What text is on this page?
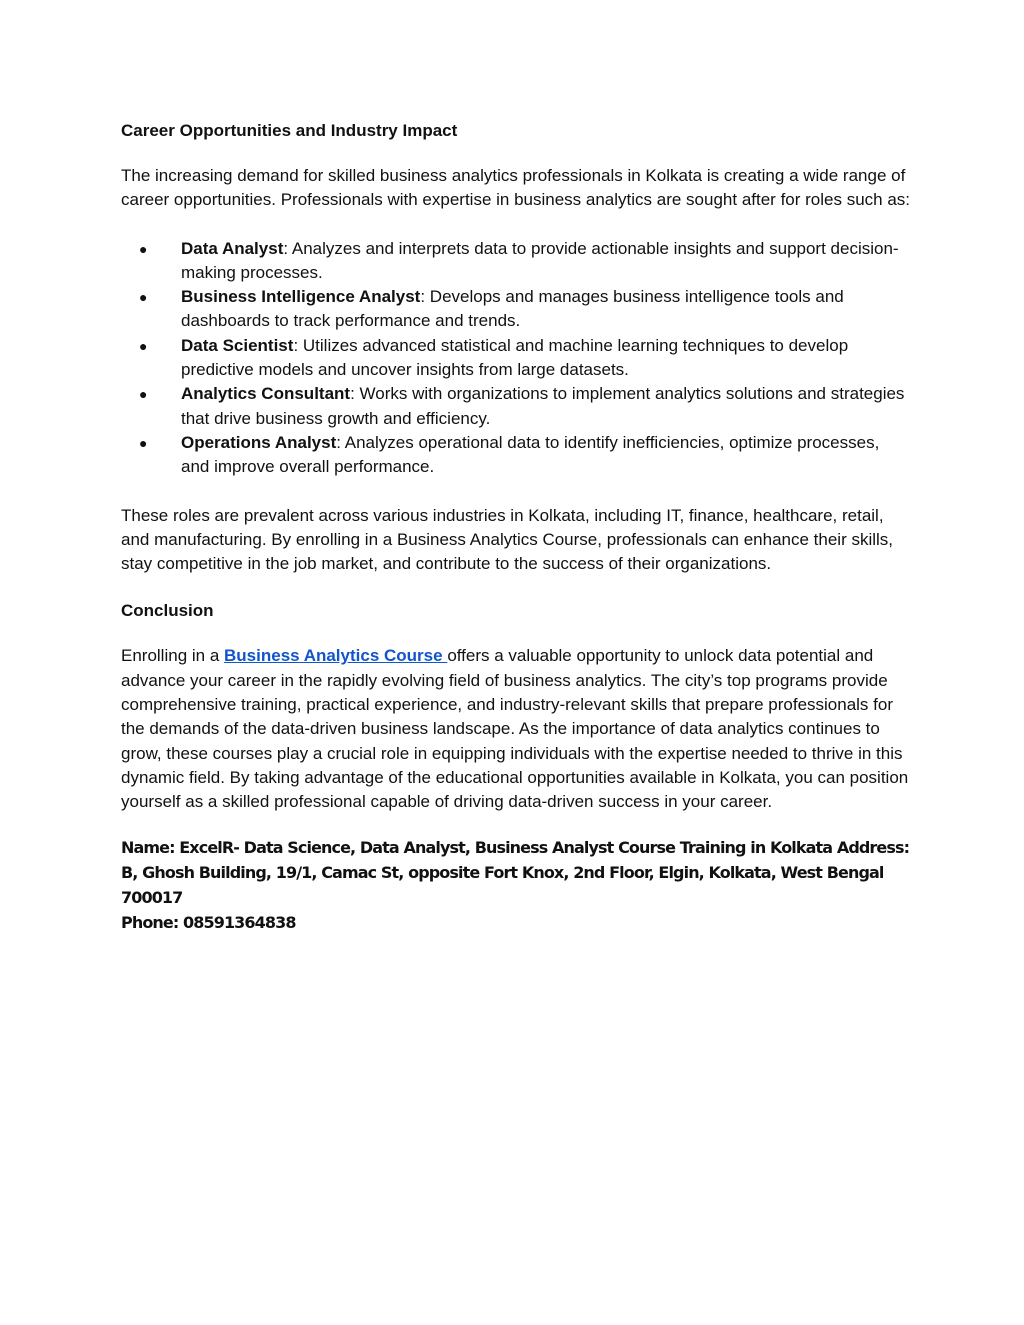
Career Opportunities and Industry Impact

The increasing demand for skilled business analytics professionals in Kolkata is creating a wide range of career opportunities. Professionals with expertise in business analytics are sought after for roles such as:

● Data Analyst: Analyzes and interprets data to provide actionable insights and support decision-making processes.
● Business Intelligence Analyst: Develops and manages business intelligence tools and dashboards to track performance and trends.
● Data Scientist: Utilizes advanced statistical and machine learning techniques to develop predictive models and uncover insights from large datasets.
● Analytics Consultant: Works with organizations to implement analytics solutions and strategies that drive business growth and efficiency.
● Operations Analyst: Analyzes operational data to identify inefficiencies, optimize processes, and improve overall performance.

These roles are prevalent across various industries in Kolkata, including IT, finance, healthcare, retail, and manufacturing. By enrolling in a Business Analytics Course, professionals can enhance their skills, stay competitive in the job market, and contribute to the success of their organizations.

Conclusion

Enrolling in a Business Analytics Course offers a valuable opportunity to unlock data potential and advance your career in the rapidly evolving field of business analytics. The city’s top programs provide comprehensive training, practical experience, and industry-relevant skills that prepare professionals for the demands of the data-driven business landscape. As the importance of data analytics continues to grow, these courses play a crucial role in equipping individuals with the expertise needed to thrive in this dynamic field. By taking advantage of the educational opportunities available in Kolkata, you can position yourself as a skilled professional capable of driving data-driven success in your career.

Name: ExcelR- Data Science, Data Analyst, Business Analyst Course Training in Kolkata Address:

B, Ghosh Building, 19/1, Camac St, opposite Fort Knox, 2nd Floor, Elgin, Kolkata, West Bengal

700017

Phone: 08591364838
